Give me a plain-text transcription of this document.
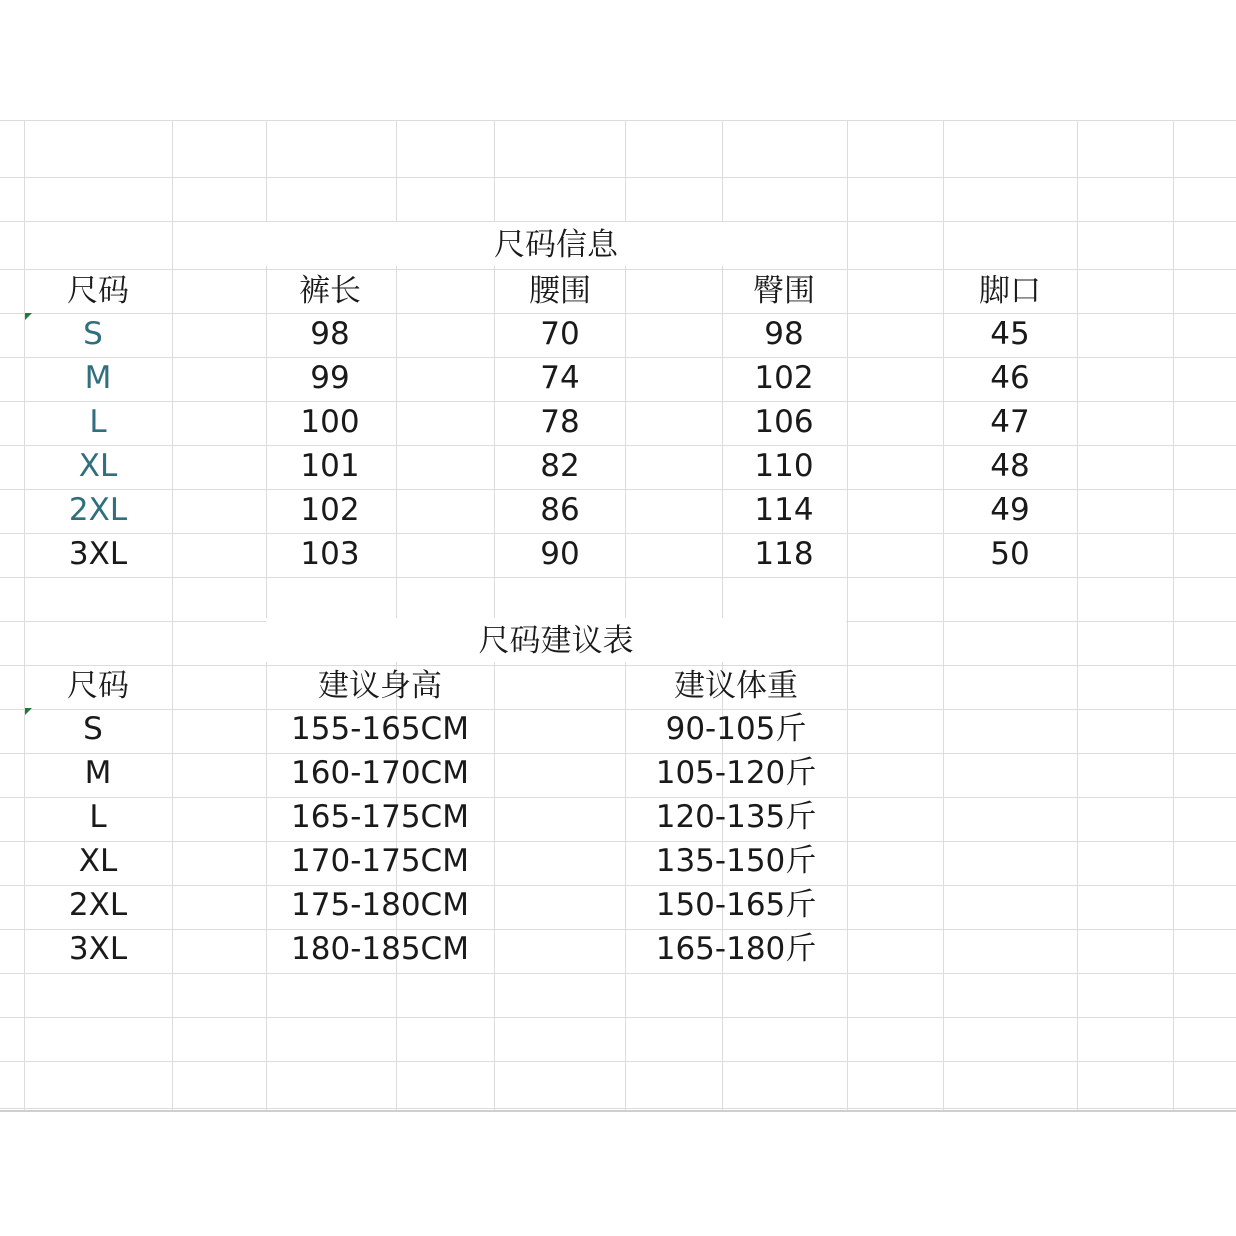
尺码信息
尺码	裤长	腰围	臀围	脚口
S	98	70	98	45
M	99	74	102	46
L	100	78	106	47
XL	101	82	110	48
2XL	102	86	114	49
3XL	103	90	118	50
尺码建议表
尺码	建议身高	建议体重
S	155-165CM	90-105斤
M	160-170CM	105-120斤
L	165-175CM	120-135斤
XL	170-175CM	135-150斤
2XL	175-180CM	150-165斤
3XL	180-185CM	165-180斤
